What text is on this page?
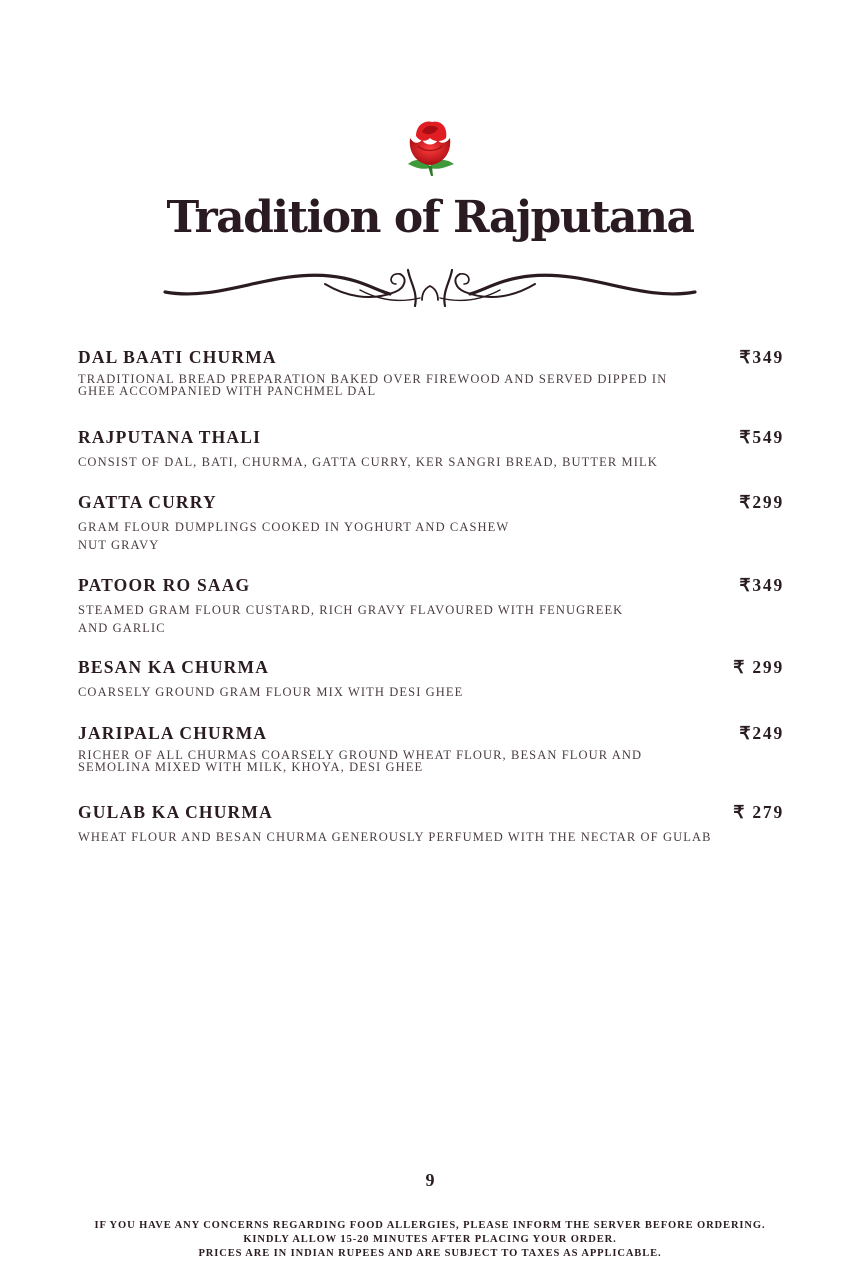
Tradition of Rajputana
DAL BAATI CHURMA	₹349
TRADITIONAL BREAD PREPARATION BAKED OVER FIREWOOD AND SERVED DIPPED IN
GHEE ACCOMPANIED WITH PANCHMEL DAL
RAJPUTANA THALI	₹549
CONSIST OF DAL, BATI, CHURMA, GATTA CURRY, KER SANGRI BREAD, BUTTER MILK
GATTA CURRY	₹299
GRAM FLOUR DUMPLINGS COOKED IN YOGHURT AND CASHEW
NUT GRAVY
PATOOR RO SAAG	₹349
STEAMED GRAM FLOUR CUSTARD, RICH GRAVY FLAVOURED WITH FENUGREEK
AND GARLIC
BESAN KA CHURMA	₹ 299
COARSELY GROUND GRAM FLOUR MIX WITH DESI GHEE
JARIPALA CHURMA	₹249
RICHER OF ALL CHURMAS COARSELY GROUND WHEAT FLOUR, BESAN FLOUR AND
SEMOLINA MIXED WITH MILK, KHOYA, DESI GHEE
GULAB KA CHURMA	₹ 279
WHEAT FLOUR AND BESAN CHURMA GENEROUSLY PERFUMED WITH THE NECTAR OF GULAB
9
IF YOU HAVE ANY CONCERNS REGARDING FOOD ALLERGIES, PLEASE INFORM THE SERVER BEFORE ORDERING.
KINDLY ALLOW 15-20 MINUTES AFTER PLACING YOUR ORDER.
PRICES ARE IN INDIAN RUPEES AND ARE SUBJECT TO TAXES AS APPLICABLE.
